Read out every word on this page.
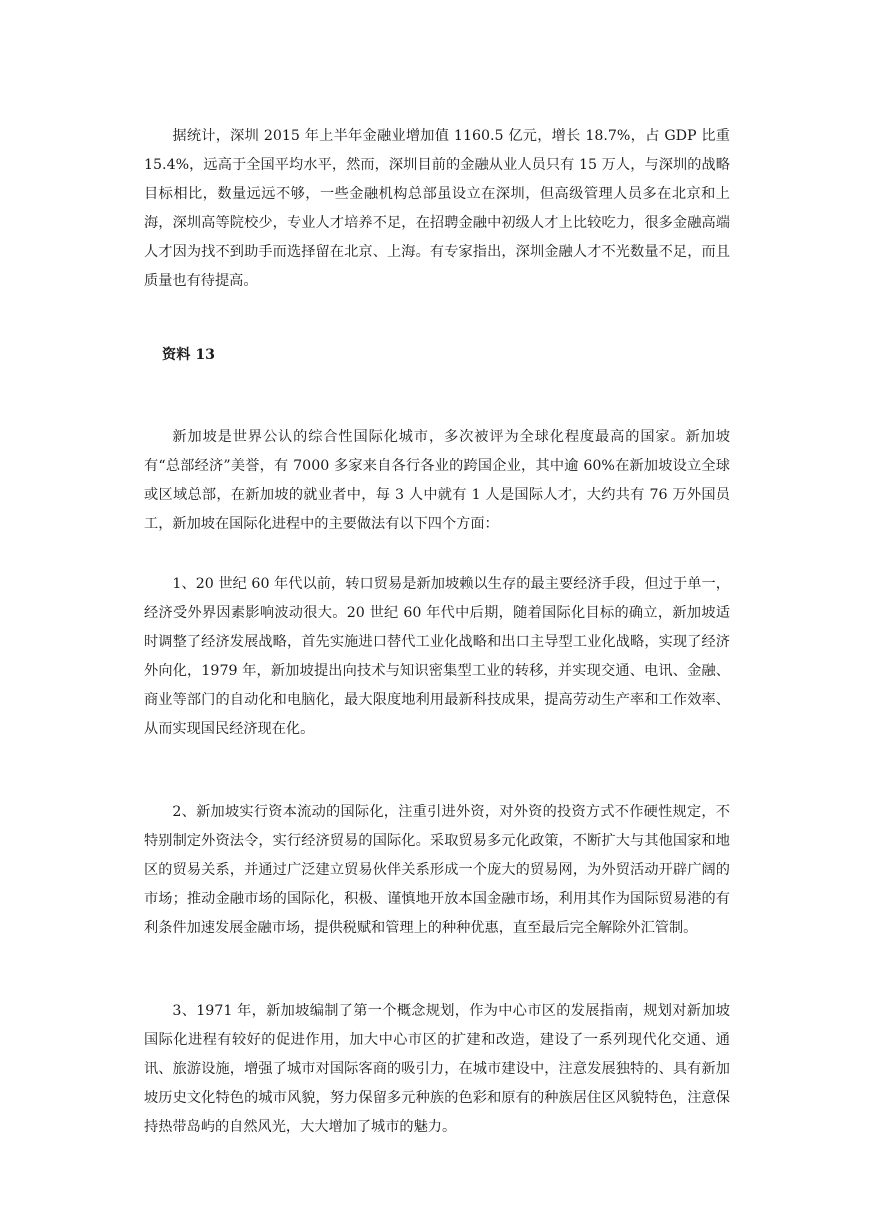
据统计，深圳 2015 年上半年金融业增加值 1160.5 亿元，增长 18.7%，占 GDP 比重 15.4%，远高于全国平均水平，然而，深圳目前的金融从业人员只有 15 万人，与深圳的战略目标相比，数量远远不够，一些金融机构总部虽设立在深圳，但高级管理人员多在北京和上海，深圳高等院校少，专业人才培养不足，在招聘金融中初级人才上比较吃力，很多金融高端人才因为找不到助手而选择留在北京、上海。有专家指出，深圳金融人才不光数量不足，而且质量也有待提高。

资料 13

新加坡是世界公认的综合性国际化城市，多次被评为全球化程度最高的国家。新加坡有“总部经济”美誉，有 7000 多家来自各行各业的跨国企业，其中逾 60%在新加坡设立全球或区域总部，在新加坡的就业者中，每 3 人中就有 1 人是国际人才，大约共有 76 万外国员工，新加坡在国际化进程中的主要做法有以下四个方面：

1、20 世纪 60 年代以前，转口贸易是新加坡赖以生存的最主要经济手段，但过于单一，经济受外界因素影响波动很大。20 世纪 60 年代中后期，随着国际化目标的确立，新加坡适时调整了经济发展战略，首先实施进口替代工业化战略和出口主导型工业化战略，实现了经济外向化，1979 年，新加坡提出向技术与知识密集型工业的转移，并实现交通、电讯、金融、商业等部门的自动化和电脑化，最大限度地利用最新科技成果，提高劳动生产率和工作效率、从而实现国民经济现在化。

2、新加坡实行资本流动的国际化，注重引进外资，对外资的投资方式不作硬性规定，不特别制定外资法令，实行经济贸易的国际化。采取贸易多元化政策，不断扩大与其他国家和地区的贸易关系，并通过广泛建立贸易伙伴关系形成一个庞大的贸易网，为外贸活动开辟广阔的市场；推动金融市场的国际化，积极、谨慎地开放本国金融市场，利用其作为国际贸易港的有利条件加速发展金融市场，提供税赋和管理上的种种优惠，直至最后完全解除外汇管制。

3、1971 年，新加坡编制了第一个概念规划，作为中心市区的发展指南，规划对新加坡国际化进程有较好的促进作用，加大中心市区的扩建和改造，建设了一系列现代化交通、通讯、旅游设施，增强了城市对国际客商的吸引力，在城市建设中，注意发展独特的、具有新加坡历史文化特色的城市风貌，努力保留多元种族的色彩和原有的种族居住区风貌特色，注意保持热带岛屿的自然风光，大大增加了城市的魅力。
